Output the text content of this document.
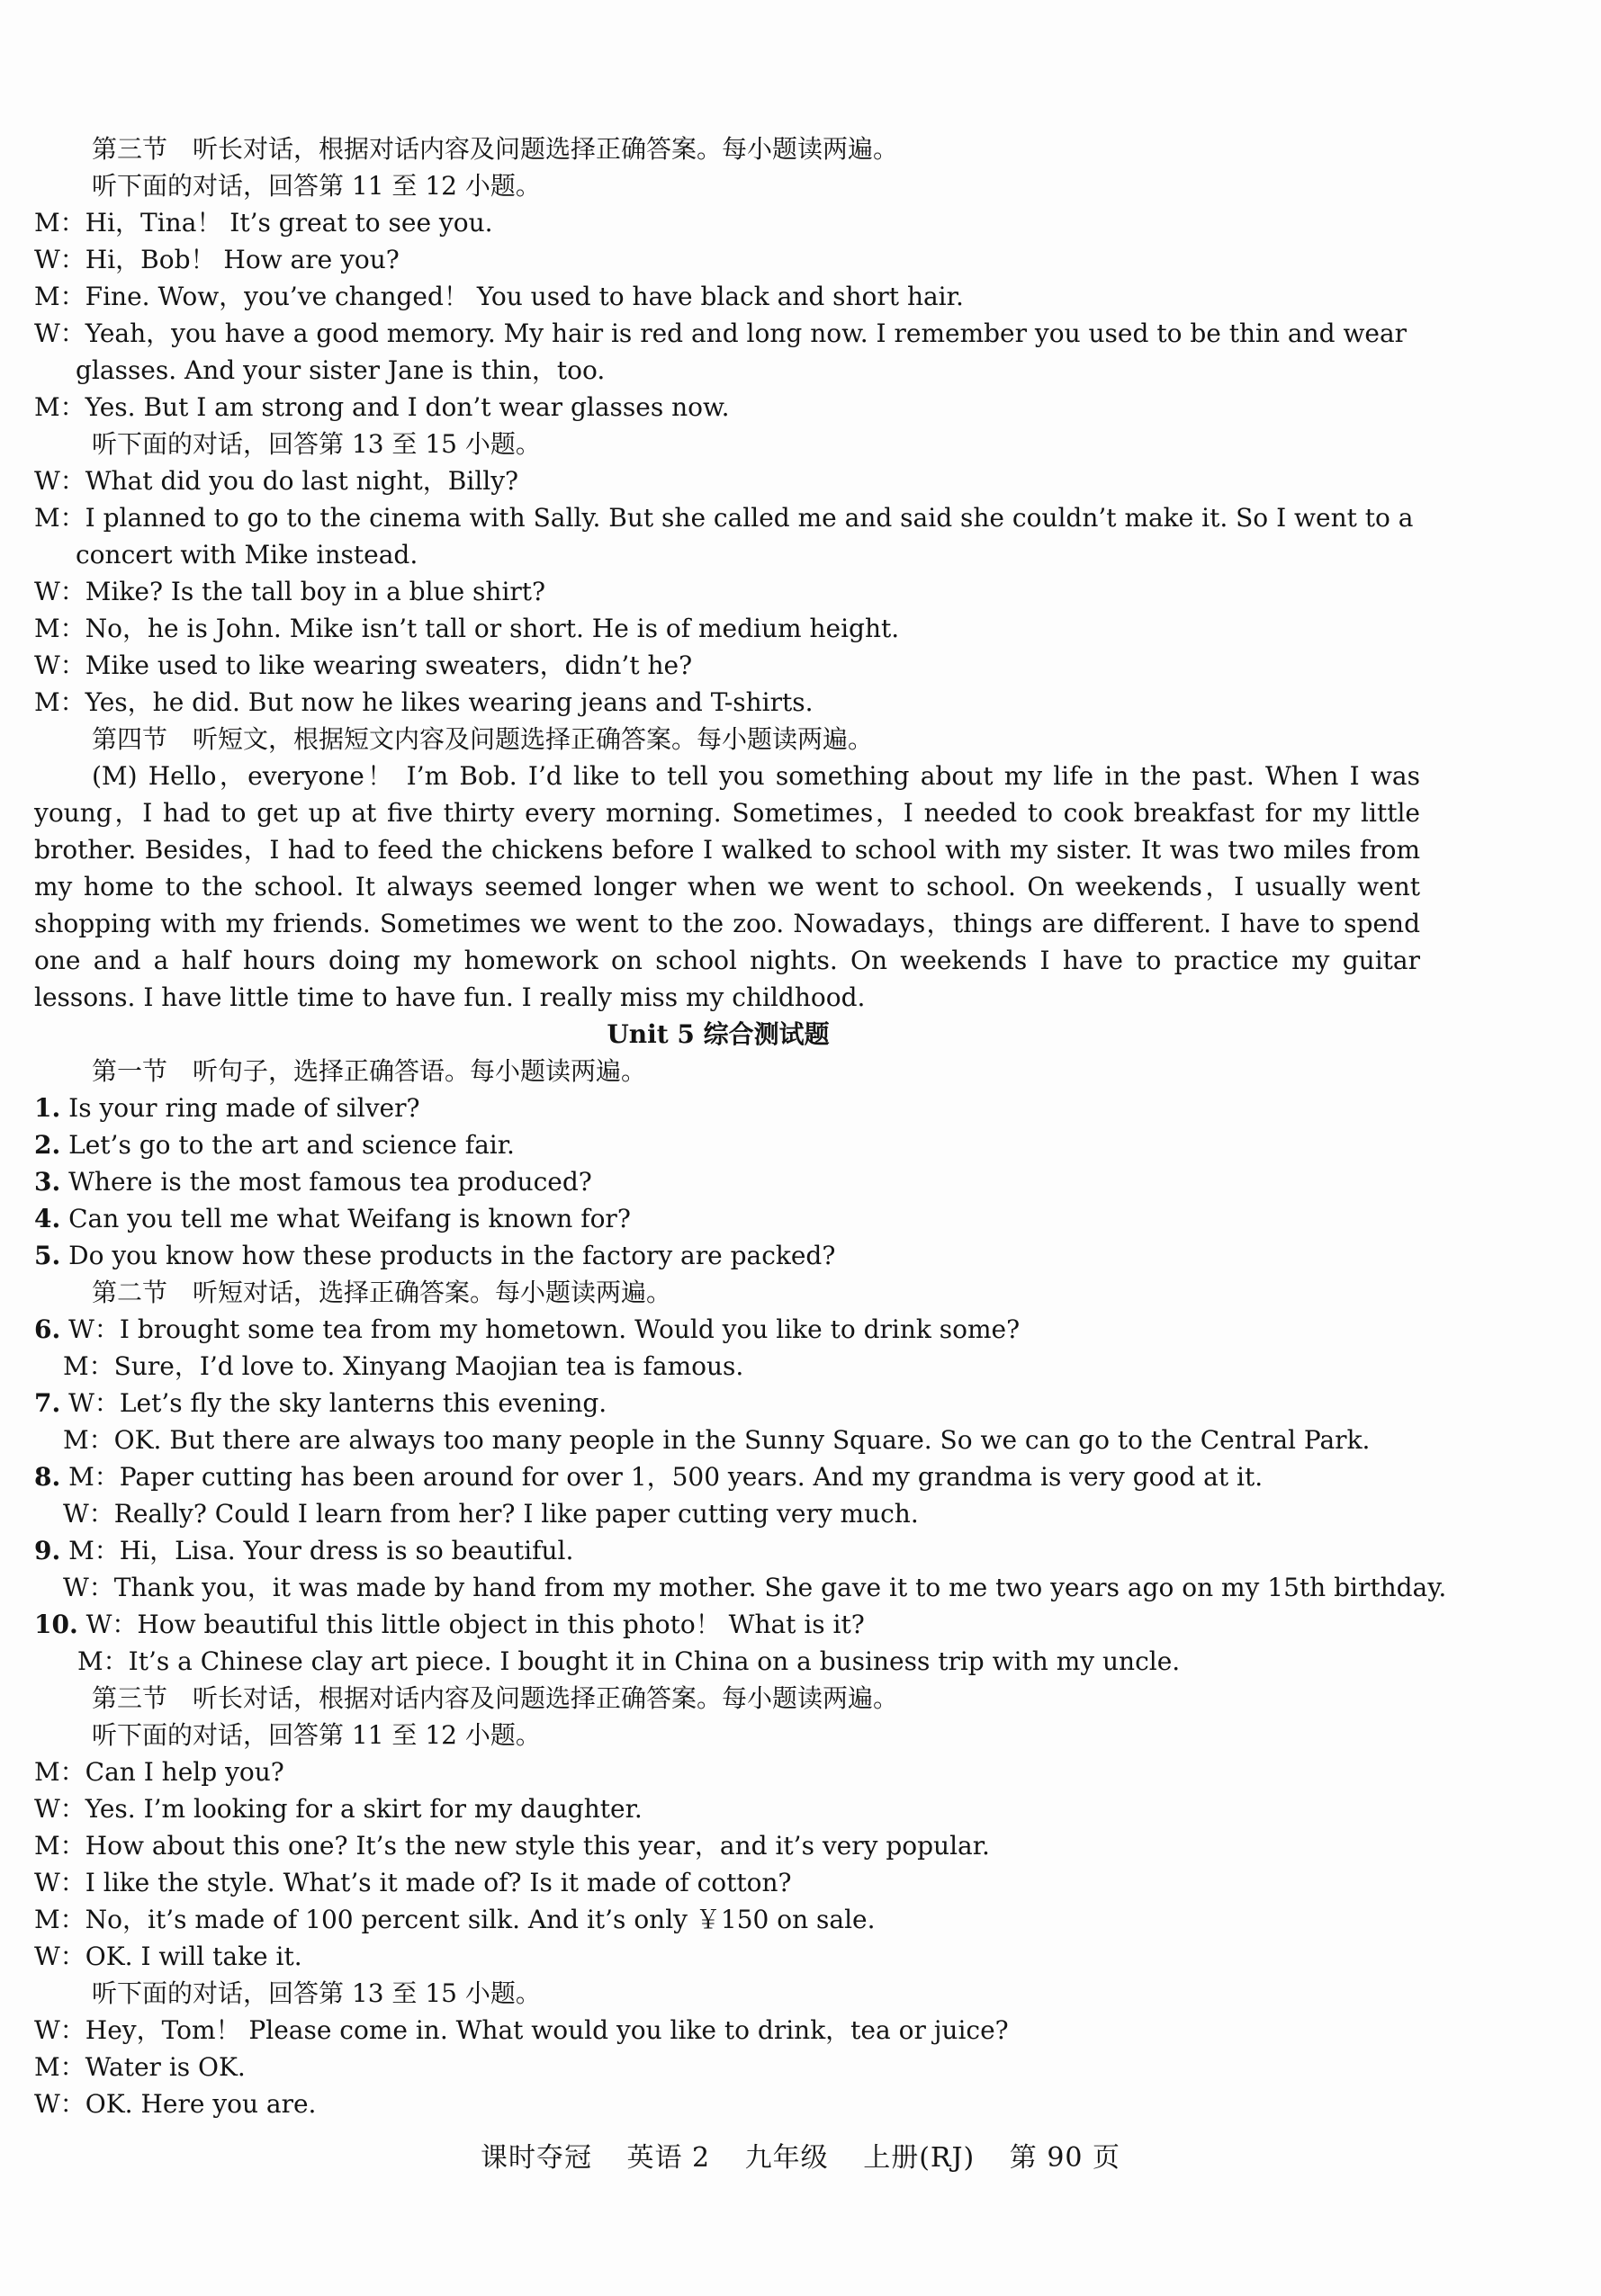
第三节　听长对话，根据对话内容及问题选择正确答案。每小题读两遍。
听下面的对话，回答第 11 至 12 小题。
M：Hi，Tina！ It’s great to see you.
W：Hi，Bob！ How are you?
M：Fine. Wow，you’ve changed！ You used to have black and short hair.
W：Yeah，you have a good memory. My hair is red and long now. I remember you used to be thin and wear glasses. And your sister Jane is thin，too.
M：Yes. But I am strong and I don’t wear glasses now.
听下面的对话，回答第 13 至 15 小题。
W：What did you do last night，Billy?
M：I planned to go to the cinema with Sally. But she called me and said she couldn’t make it. So I went to a concert with Mike instead.
W：Mike? Is the tall boy in a blue shirt?
M：No，he is John. Mike isn’t tall or short. He is of medium height.
W：Mike used to like wearing sweaters，didn’t he?
M：Yes，he did. But now he likes wearing jeans and T-shirts.
第四节　听短文，根据短文内容及问题选择正确答案。每小题读两遍。
(M) Hello，everyone！ I’m Bob. I’d like to tell you something about my life in the past. When I was young，I had to get up at five thirty every morning. Sometimes，I needed to cook breakfast for my little brother. Besides，I had to feed the chickens before I walked to school with my sister. It was two miles from my home to the school. It always seemed longer when we went to school. On weekends，I usually went shopping with my friends. Sometimes we went to the zoo. Nowadays，things are different. I have to spend one and a half hours doing my homework on school nights. On weekends I have to practice my guitar lessons. I have little time to have fun. I really miss my childhood.
Unit 5 综合测试题
第一节　听句子，选择正确答语。每小题读两遍。
1. Is your ring made of silver?
2. Let’s go to the art and science fair.
3. Where is the most famous tea produced?
4. Can you tell me what Weifang is known for?
5. Do you know how these products in the factory are packed?
第二节　听短对话，选择正确答案。每小题读两遍。
6. W：I brought some tea from my hometown. Would you like to drink some?
M：Sure，I’d love to. Xinyang Maojian tea is famous.
7. W：Let’s fly the sky lanterns this evening.
M：OK. But there are always too many people in the Sunny Square. So we can go to the Central Park.
8. M：Paper cutting has been around for over 1，500 years. And my grandma is very good at it.
W：Really? Could I learn from her? I like paper cutting very much.
9. M：Hi，Lisa. Your dress is so beautiful.
W：Thank you，it was made by hand from my mother. She gave it to me two years ago on my 15th birthday.
10. W：How beautiful this little object in this photo！ What is it?
M：It’s a Chinese clay art piece. I bought it in China on a business trip with my uncle.
第三节　听长对话，根据对话内容及问题选择正确答案。每小题读两遍。
听下面的对话，回答第 11 至 12 小题。
M：Can I help you?
W：Yes. I’m looking for a skirt for my daughter.
M：How about this one? It’s the new style this year，and it’s very popular.
W：I like the style. What’s it made of? Is it made of cotton?
M：No，it’s made of 100 percent silk. And it’s only ￥150 on sale.
W：OK. I will take it.
听下面的对话，回答第 13 至 15 小题。
W：Hey，Tom！ Please come in. What would you like to drink，tea or juice?
M：Water is OK.
W：OK. Here you are.
课时夺冠 英语 2 九年级 上册(RJ) 第 90 页
